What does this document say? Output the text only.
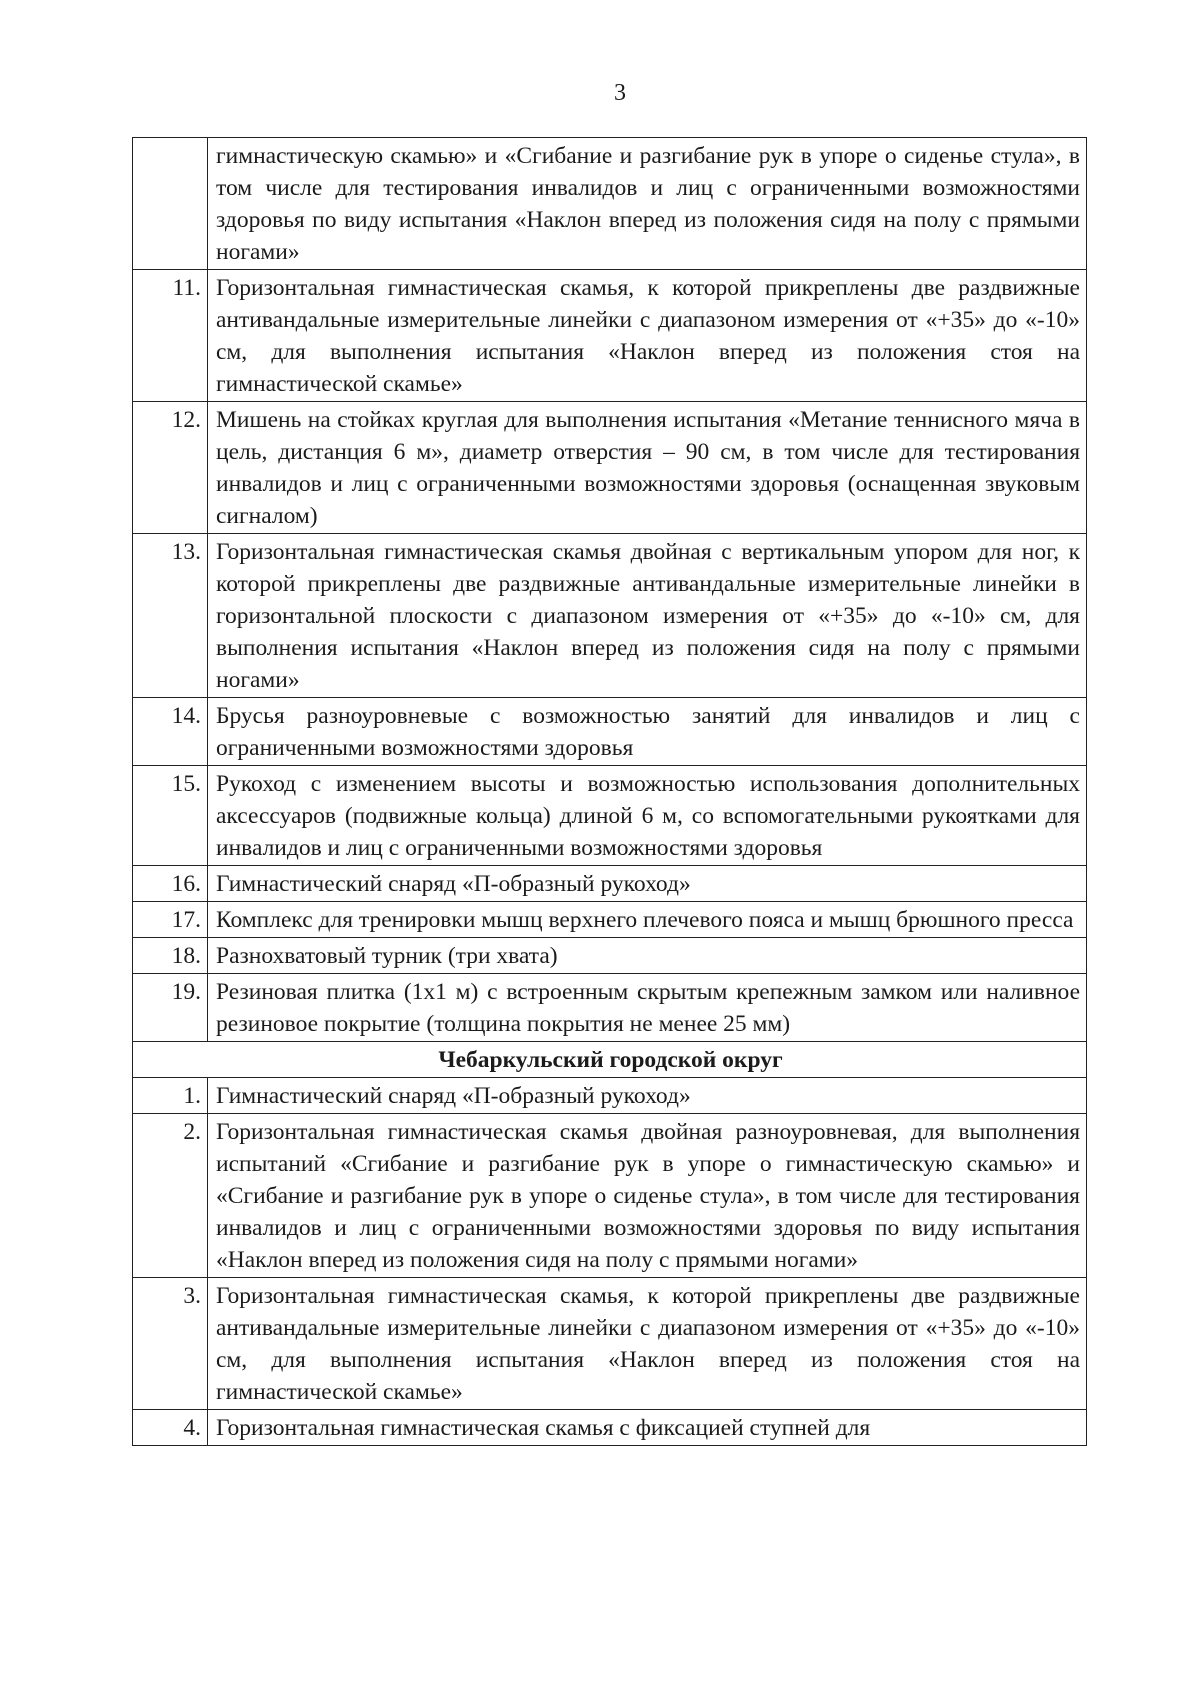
3
	гимнастическую скамью» и «Сгибание и разгибание рук в упоре о сиденье стула», в том числе для тестирования инвалидов и лиц с ограниченными возможностями здоровья по виду испытания «Наклон вперед из положения сидя на полу с прямыми ногами»
11.	Горизонтальная гимнастическая скамья, к которой прикреплены две раздвижные антивандальные измерительные линейки с диапазоном измерения от «+35» до «-10» см, для выполнения испытания «Наклон вперед из положения стоя на гимнастической скамье»
12.	Мишень на стойках круглая для выполнения испытания «Метание теннисного мяча в цель, дистанция 6 м», диаметр отверстия – 90 см, в том числе для тестирования инвалидов и лиц с ограниченными возможностями здоровья (оснащенная звуковым сигналом)
13.	Горизонтальная гимнастическая скамья двойная с вертикальным упором для ног, к которой прикреплены две раздвижные антивандальные измерительные линейки в горизонтальной плоскости с диапазоном измерения от «+35» до «-10» см, для выполнения испытания «Наклон вперед из положения сидя на полу с прямыми ногами»
14.	Брусья разноуровневые с возможностью занятий для инвалидов и лиц с ограниченными возможностями здоровья
15.	Рукоход с изменением высоты и возможностью использования дополнительных аксессуаров (подвижные кольца) длиной 6 м, со вспомогательными рукоятками для инвалидов и лиц с ограниченными возможностями здоровья
16.	Гимнастический снаряд «П-образный рукоход»
17.	Комплекс для тренировки мышц верхнего плечевого пояса и мышц брюшного пресса
18.	Разнохватовый турник (три хвата)
19.	Резиновая плитка (1х1 м) с встроенным скрытым крепежным замком или наливное резиновое покрытие (толщина покрытия не менее 25 мм)
Чебаркульский городской округ	
1.	Гимнастический снаряд «П-образный рукоход»
2.	Горизонтальная гимнастическая скамья двойная разноуровневая, для выполнения испытаний «Сгибание и разгибание рук в упоре о гимнастическую скамью» и «Сгибание и разгибание рук в упоре о сиденье стула», в том числе для тестирования инвалидов и лиц с ограниченными возможностями здоровья по виду испытания «Наклон вперед из положения сидя на полу с прямыми ногами»
3.	Горизонтальная гимнастическая скамья, к которой прикреплены две раздвижные антивандальные измерительные линейки с диапазоном измерения от «+35» до «-10» см, для выполнения испытания «Наклон вперед из положения стоя на гимнастической скамье»
4.	Горизонтальная гимнастическая скамья с фиксацией ступней для
